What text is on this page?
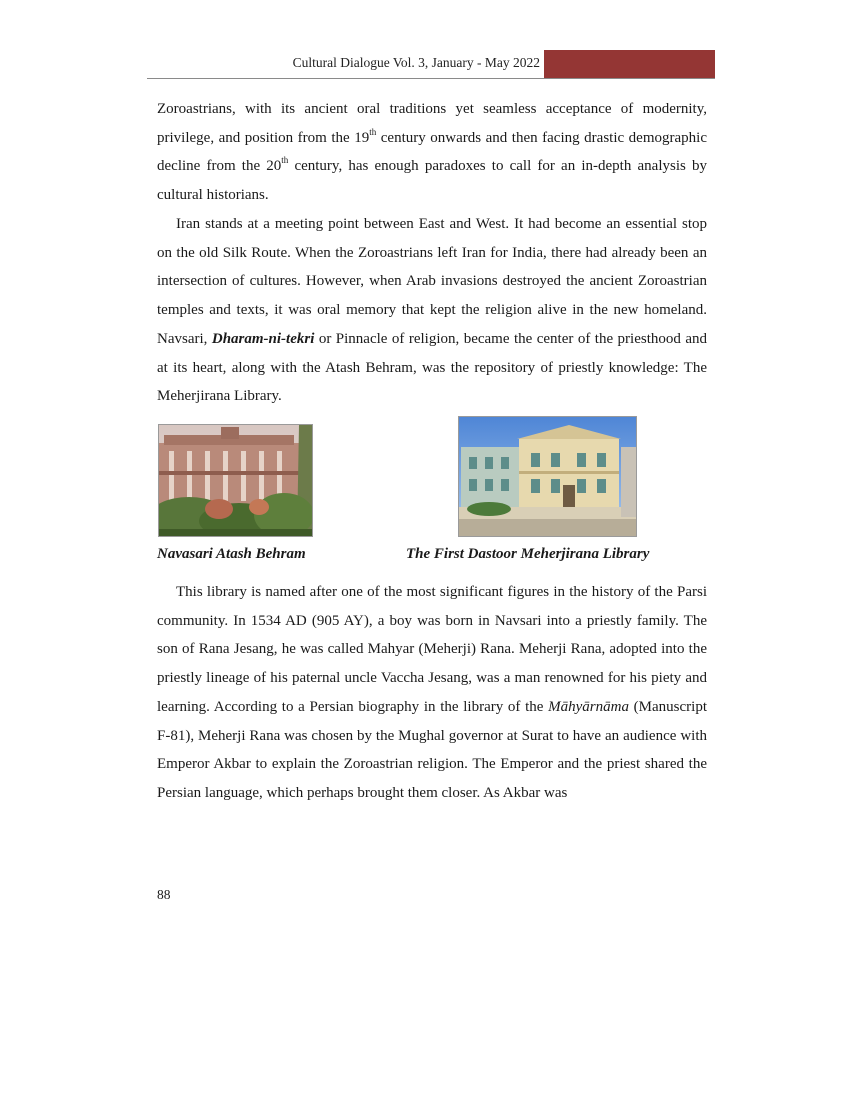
Cultural Dialogue Vol. 3, January - May 2022

Zoroastrians, with its ancient oral traditions yet seamless acceptance of modernity, privilege, and position from the 19th century onwards and then facing drastic demographic decline from the 20th century, has enough paradoxes to call for an in-depth analysis by cultural historians.

Iran stands at a meeting point between East and West. It had become an essential stop on the old Silk Route. When the Zoroastrians left Iran for India, there had already been an intersection of cultures. However, when Arab invasions destroyed the ancient Zoroastrian temples and texts, it was oral memory that kept the religion alive in the new homeland. Navsari, Dharam-ni-tekri or Pinnacle of religion, became the center of the priesthood and at its heart, along with the Atash Behram, was the repository of priestly knowledge: The Meherjirana Library.

Navasari Atash Behram	The First Dastoor Meherjirana Library

This library is named after one of the most significant figures in the history of the Parsi community. In 1534 AD (905 AY), a boy was born in Navsari into a priestly family. The son of Rana Jesang, he was called Mahyar (Meherji) Rana. Meherji Rana, adopted into the priestly lineage of his paternal uncle Vaccha Jesang, was a man renowned for his piety and learning. According to a Persian biography in the library of the Māhyārnāma (Manuscript F-81), Meherji Rana was chosen by the Mughal governor at Surat to have an audience with Emperor Akbar to explain the Zoroastrian religion. The Emperor and the priest shared the Persian language, which perhaps brought them closer. As Akbar was

88
